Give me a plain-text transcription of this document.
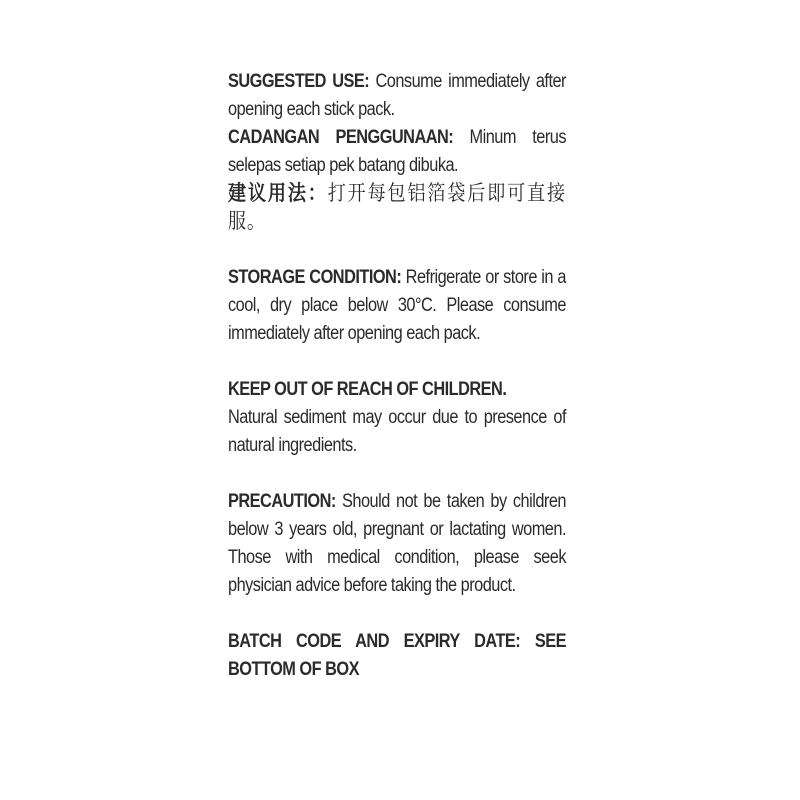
SUGGESTED USE: Consume immediately after opening each stick pack.

CADANGAN PENGGUNAAN: Minum terus selepas setiap pek batang dibuka.

建议用法：打开每包铝箔袋后即可直接服。

STORAGE CONDITION: Refrigerate or store in a cool, dry place below 30°C. Please consume immediately after opening each pack.

KEEP OUT OF REACH OF CHILDREN.

Natural sediment may occur due to presence of natural ingredients.

PRECAUTION: Should not be taken by children below 3 years old, pregnant or lactating women. Those with medical condition, please seek physician advice before taking the product.

BATCH CODE AND EXPIRY DATE: SEE BOTTOM OF BOX
